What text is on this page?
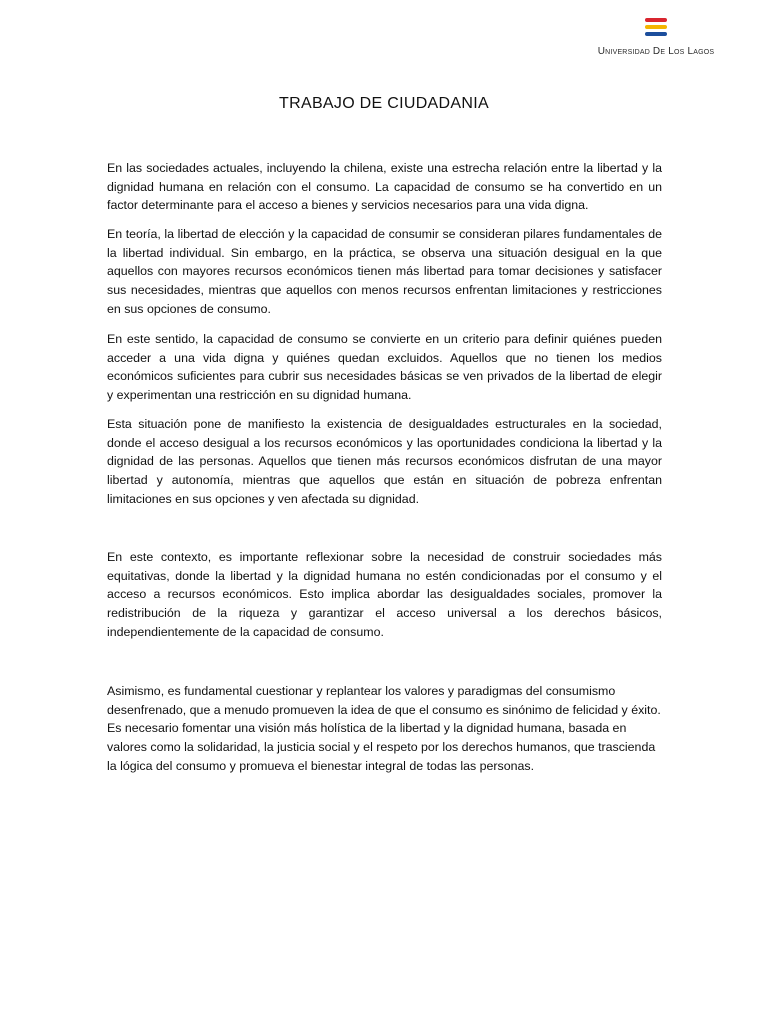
Universidad De Los Lagos
TRABAJO DE CIUDADANIA

En las sociedades actuales, incluyendo la chilena, existe una estrecha relación entre la libertad y la dignidad humana en relación con el consumo. La capacidad de consumo se ha convertido en un factor determinante para el acceso a bienes y servicios necesarios para una vida digna.

En teoría, la libertad de elección y la capacidad de consumir se consideran pilares fundamentales de la libertad individual. Sin embargo, en la práctica, se observa una situación desigual en la que aquellos con mayores recursos económicos tienen más libertad para tomar decisiones y satisfacer sus necesidades, mientras que aquellos con menos recursos enfrentan limitaciones y restricciones en sus opciones de consumo.

En este sentido, la capacidad de consumo se convierte en un criterio para definir quiénes pueden acceder a una vida digna y quiénes quedan excluidos. Aquellos que no tienen los medios económicos suficientes para cubrir sus necesidades básicas se ven privados de la libertad de elegir y experimentan una restricción en su dignidad humana.

Esta situación pone de manifiesto la existencia de desigualdades estructurales en la sociedad, donde el acceso desigual a los recursos económicos y las oportunidades condiciona la libertad y la dignidad de las personas. Aquellos que tienen más recursos económicos disfrutan de una mayor libertad y autonomía, mientras que aquellos que están en situación de pobreza enfrentan limitaciones en sus opciones y ven afectada su dignidad.

En este contexto, es importante reflexionar sobre la necesidad de construir sociedades más equitativas, donde la libertad y la dignidad humana no estén condicionadas por el consumo y el acceso a recursos económicos. Esto implica abordar las desigualdades sociales, promover la redistribución de la riqueza y garantizar el acceso universal a los derechos básicos, independientemente de la capacidad de consumo.

Asimismo, es fundamental cuestionar y replantear los valores y paradigmas del consumismo desenfrenado, que a menudo promueven la idea de que el consumo es sinónimo de felicidad y éxito. Es necesario fomentar una visión más holística de la libertad y la dignidad humana, basada en valores como la solidaridad, la justicia social y el respeto por los derechos humanos, que trascienda la lógica del consumo y promueva el bienestar integral de todas las personas.
